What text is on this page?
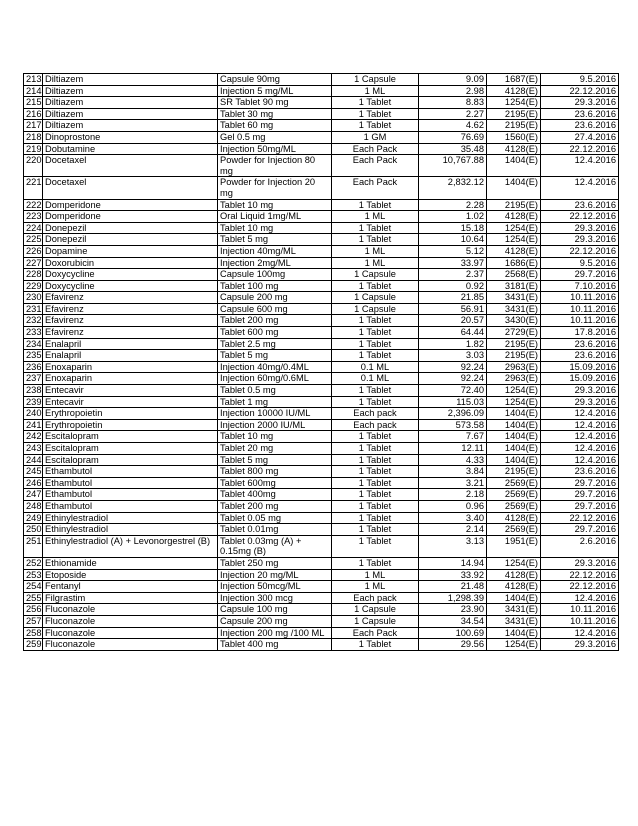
213	Diltiazem	Capsule 90mg	1 Capsule	9.09	1687(E)	9.5.2016
214	Diltiazem	Injection 5 mg/ML	1 ML	2.98	4128(E)	22.12.2016
215	Diltiazem	SR Tablet 90 mg	1 Tablet	8.83	1254(E)	29.3.2016
216	Diltiazem	Tablet 30 mg	1 Tablet	2.27	2195(E)	23.6.2016
217	Diltiazem	Tablet 60 mg	1 Tablet	4.62	2195(E)	23.6.2016
218	Dinoprostone	Gel 0.5 mg	1 GM	76.69	1560(E)	27.4.2016
219	Dobutamine	Injection 50mg/ML	Each Pack	35.48	4128(E)	22.12.2016
220	Docetaxel	Powder for Injection 80 mg	Each Pack	10,767.88	1404(E)	12.4.2016
221	Docetaxel	Powder for Injection 20 mg	Each Pack	2,832.12	1404(E)	12.4.2016
222	Domperidone	Tablet 10 mg	1 Tablet	2.28	2195(E)	23.6.2016
223	Domperidone	Oral Liquid 1mg/ML	1 ML	1.02	4128(E)	22.12.2016
224	Donepezil	Tablet 10 mg	1 Tablet	15.18	1254(E)	29.3.2016
225	Donepezil	Tablet 5 mg	1 Tablet	10.64	1254(E)	29.3.2016
226	Dopamine	Injection 40mg/ML	1 ML	5.12	4128(E)	22.12.2016
227	Doxorubicin	Injection 2mg/ML	1 ML	33.97	1686(E)	9.5.2016
228	Doxycycline	Capsule 100mg	1 Capsule	2.37	2568(E)	29.7.2016
229	Doxycycline	Tablet 100 mg	1 Tablet	0.92	3181(E)	7.10.2016
230	Efavirenz	Capsule 200 mg	1 Capsule	21.85	3431(E)	10.11.2016
231	Efavirenz	Capsule 600 mg	1 Capsule	56.91	3431(E)	10.11.2016
232	Efavirenz	Tablet 200 mg	1 Tablet	20.57	3430(E)	10.11.2016
233	Efavirenz	Tablet 600 mg	1 Tablet	64.44	2729(E)	17.8.2016
234	Enalapril	Tablet 2.5 mg	1 Tablet	1.82	2195(E)	23.6.2016
235	Enalapril	Tablet 5 mg	1 Tablet	3.03	2195(E)	23.6.2016
236	Enoxaparin	Injection 40mg/0.4ML	0.1 ML	92.24	2963(E)	15.09.2016
237	Enoxaparin	Injection 60mg/0.6ML	0.1 ML	92.24	2963(E)	15.09.2016
238	Entecavir	Tablet 0.5 mg	1 Tablet	72.40	1254(E)	29.3.2016
239	Entecavir	Tablet 1 mg	1 Tablet	115.03	1254(E)	29.3.2016
240	Erythropoietin	Injection 10000 IU/ML	Each pack	2,396.09	1404(E)	12.4.2016
241	Erythropoietin	Injection 2000 IU/ML	Each pack	573.58	1404(E)	12.4.2016
242	Escitalopram	Tablet 10 mg	1 Tablet	7.67	1404(E)	12.4.2016
243	Escitalopram	Tablet 20 mg	1 Tablet	12.11	1404(E)	12.4.2016
244	Escitalopram	Tablet 5 mg	1 Tablet	4.33	1404(E)	12.4.2016
245	Ethambutol	Tablet 800 mg	1 Tablet	3.84	2195(E)	23.6.2016
246	Ethambutol	Tablet 600mg	1 Tablet	3.21	2569(E)	29.7.2016
247	Ethambutol	Tablet 400mg	1 Tablet	2.18	2569(E)	29.7.2016
248	Ethambutol	Tablet 200 mg	1 Tablet	0.96	2569(E)	29.7.2016
249	Ethinylestradiol	Tablet 0.05 mg	1 Tablet	3.40	4128(E)	22.12.2016
250	Ethinylestradiol	Tablet 0.01mg	1 Tablet	2.14	2569(E)	29.7.2016
251	Ethinylestradiol (A) + Levonorgestrel (B)	Tablet 0.03mg (A) + 0.15mg (B)	1 Tablet	3.13	1951(E)	2.6.2016
252	Ethionamide	Tablet 250 mg	1 Tablet	14.94	1254(E)	29.3.2016
253	Etoposide	Injection 20 mg/ML	1 ML	33.92	4128(E)	22.12.2016
254	Fentanyl	Injection 50mcg/ML	1 ML	21.48	4128(E)	22.12.2016
255	Filgrastim	Injection 300 mcg	Each pack	1,298.39	1404(E)	12.4.2016
256	Fluconazole	Capsule 100 mg	1 Capsule	23.90	3431(E)	10.11.2016
257	Fluconazole	Capsule 200 mg	1 Capsule	34.54	3431(E)	10.11.2016
258	Fluconazole	Injection 200 mg /100 ML	Each Pack	100.69	1404(E)	12.4.2016
259	Fluconazole	Tablet 400 mg	1 Tablet	29.56	1254(E)	29.3.2016
